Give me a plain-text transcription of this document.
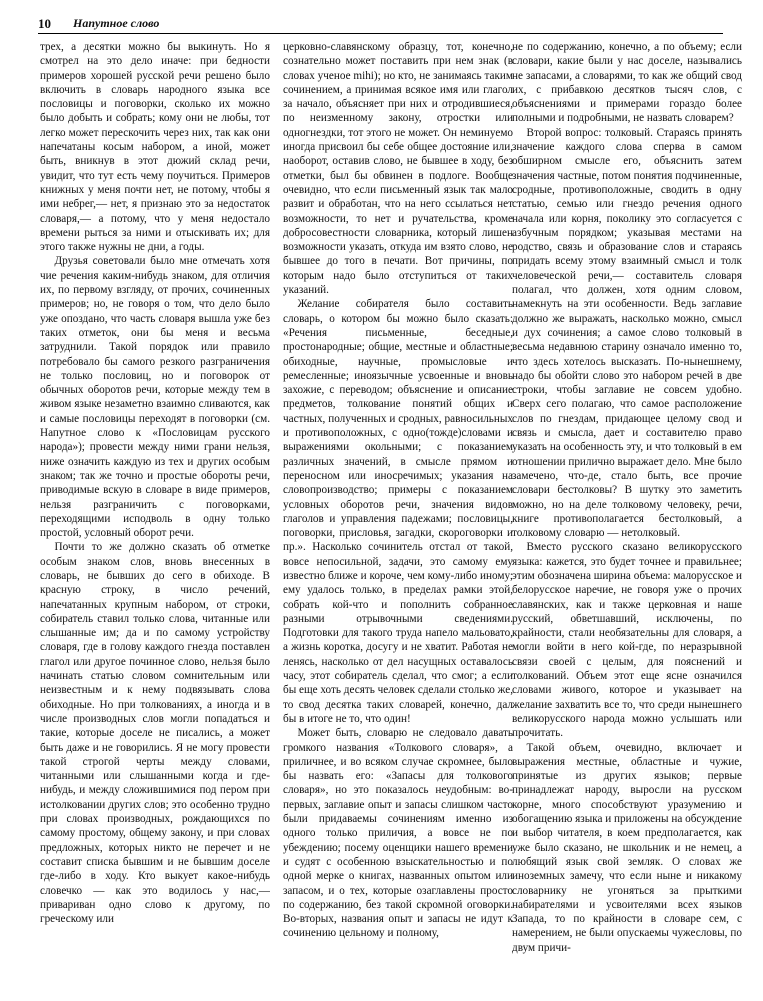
10 Напутное слово

трех, а десятки можно бы выкинуть. Но я смотрел на это дело иначе: при бедности примеров хорошей русской речи решено было включить в словарь народного языка все пословицы и поговорки, сколько их можно было добыть и собрать; кому они не любы, тот легко может перескочить через них, так как они напечатаны косым набором, а иной, может быть, вникнув в этот дюжий склад речи, увидит, что тут есть чему поучиться. Примеров книжных у меня почти нет, не потому, чтобы я ими небрег,— нет, я признаю это за недостаток словаря,— а потому, что у меня недостало времени рыться за ними и отыскивать их; для этого также нужны не дни, а годы.

Друзья советовали было мне отмечать хотя чие речения каким-нибудь знаком, для отличия их, по первому взгляду, от прочих, сочиненных примеров; но, не говоря о том, что дело было уже опоздано, что часть словаря вышла уже без таких отметок, они бы меня и весьма затруднили. Такой порядок или правило потребовало бы самого резкого разграничения не только пословиц, но и поговорок от обычных оборотов речи, которые между тем в живом языке незаметно взаимно сливаются, как и самые пословицы переходят в поговорки (см. Напутное слово к «Пословицам русского народа»); провести между ними грани нельзя, ниже означить каждую из тех и других особым знаком; так же точно и простые обороты речи, приводимые вскую в словаре в виде примеров, нельзя разграничить с поговорками, переходящими исподволь в одну только простой, условный оборот речи.

Почти то же должно сказать об отметке особым знаком слов, вновь внесенных в словарь, не бывших до сего в обиходе. В красную строку, в число речений, напечатанных крупным набором, от строки, собиратель ставил только слова, читанные или слышанные им; да и по самому устройству словаря, где в голову каждого гнезда поставлен глагол или другое починное слово, нельзя было начинать статью словом сомнительным или неизвестным и к нему подвязывать слова обиходные. Но при толкованиях, а иногда и в числе производных слов могли попадаться и такие, которые доселе не писались, а может быть даже и не говорились. Я не могу провести такой строгой черты между словами, читанными или слышанными когда и где-нибудь, и между сложившимися под пером при истолковании других слов; это особенно трудно при словах производных, рождающихся по самому простому, общему закону, и при словах предложных, которых никто не перечет и не составит списка бывшим и не бывшим доселе где-либо в ходу. Кто выкует какое-нибудь словечко — как это водилось у нас,— привариван одно слово к другому, по греческому или

церковно-славянскому образцу, тот, конечно, сознательно может поставить при нем знак (в словах ученое mihi); но кто, не занимаясь таким сочинением, а принимая всякое имя или глагол за начало, объясняет при них и отродившиеся, по неизменному закону, отростки или одногнездки, тот этого не может. Он неминуемо иногда присвоил бы себе общее достояние или, наоборот, оставив слово, не бывшее в ходу, без отметки, был бы обвинен в подлоге. Вообще очевидно, что если письменный язык так мало развит и обработан, что на него ссылаться нет возможности, то нет и ручательства, кроме добросовестности словарника, который лишен возможности указать, откуда им взято слово, не бывшее до того в печати. Вот причины, по которым надо было отступиться от таких указаний.

Желание собирателя было составить словарь, о котором бы можно было сказать: «Речения письменные, беседные, простонародные; общие, местные и областные; обиходные, научные, промысловые и ремесленные; иноязычные усвоенные и вновь захожие, с переводом; объяснение и описание предметов, толкование понятий общих и частных, полученных и сродных, равносильных и противоположных, с одно(тожде)словами и выражениями окольными; с показанием различных значений, в смысле прямом и переносном или иносречимых; указания на словопроизводство; примеры с показанием условных оборотов речи, значения видов глаголов и управления падежами; пословицы, поговорки, присловья, загадки, скороговорки и пр.». Насколько сочинитель отстал от такой, вовсе непосильной, задачи, это самому ему известно ближе и короче, чем кому-либо иному; ему удалось только, в пределах рамки этой, собрать кой-что и пополнить собранное разными отрывочными сведениями. Подготовки для такого труда напело мальовато, а жизнь коротка, досугу и не хватит. Работая не ленясь, насколько от дел насущных оставалось часу, этот собиратель сделал, что смог; а если бы еще хоть десять человек сделали столько же, то свод десятка таких словарей, конечно, дал бы в итоге не то, что один!

Может быть, словарю не следовало давать громкого названия «Толкового словаря», а приличнее, и во всяком случае скромнее, было бы назвать его: «Запасы для толкового словаря», но это показалось неудобным: во-первых, заглавие опыт и запасы слишком часто были придаваемы сочинениям именно из одного только приличия, а вовсе не по убеждению; посему оценщики нашего времени и судят с особенною взыскательностью и по одной мерке о книгах, названных опытом или запасом, и о тех, которые озаглавлены просто по содержанию, без такой скромной оговорки. Во-вторых, названия опыт и запасы не идут к сочинению цельному и полному,

не по содержанию, конечно, а по объему; если словари, какие были у нас доселе, назывались не запасами, а словарями, то как же общий свод их, с прибавкою десятков тысяч слов, с объяснениями и примерами гораздо более полными и подробными, не назвать словарем?

Второй вопрос: толковый. Стараясь принять значение каждого слова сперва в самом обширном смысле его, объяснить затем значения частные, потом понятия подчиненные, сродные, противоположные, сводить в одну статью, семью или гнездо речения одного начала или корня, поколику это согласуется с азбучным порядком; указывая местами на родство, связь и образование слов и стараясь придать всему этому взаимный смысл и толк человеческой речи,— составитель словаря полагал, что должен, хотя одним словом, намекнуть на эти особенности. Ведь заглавие должно же выражать, насколько можно, смысл и дух сочинения; а самое слово толковый в весьма недавнюю старину означало именно то, что здесь хотелось высказать. По-нынешнему, надо бы обойти слово это набором речей в две строки, чтобы заглавие не совсем удобно. Сверх сего полагаю, что самое расположение слов по гнездам, придающее целому свод и связь и смысла, дает и составителю право указать на особенность эту, и что толковый в ем отношении прилично выражает дело. Мне было замечено, что-де, стало быть, все прочие словари бестолковы? В шутку это заметить можно, но на деле толковому человеку, речи, книге противополагается бестолковый, а толковому словарю — нетолковый.

Вместо русского сказано великорусского языка: кажется, это будет точнее и правильнее; этим обозначена ширина объема: малорусское и белорусское наречие, не говоря уже о прочих славянских, как и также церковная и наше русский, обветшавший, исключены, по крайности, стали необязательны для словаря, а могли войти в него кой-где, по неразрывной связи своей с целым, для пояснений и толкований. Объем этот еще ясне означился словами живого, которое и указывает на желание захватить все то, что среди нынешнего великорусского народа можно услышать или прочитать.

Такой объем, очевидно, включает и выражения местные, областные и чужие, принятые из других языков; первые принадлежат народу, выросли на русском корне, много способствуют уразумению и обогащению языка и приложены на обсуждение и выбор читателя, в коем предполагается, как уже было сказано, не школьник и не немец, а любящий язык свой земляк. О словах же иноземных замечу, что если ныне и никакому словарнику не угоняться за прыткими набирателями и усвоителями всех языков Запада, то по крайности в словаре сем, с намерением, не были опускаемы чужесловы, по двум причи-
